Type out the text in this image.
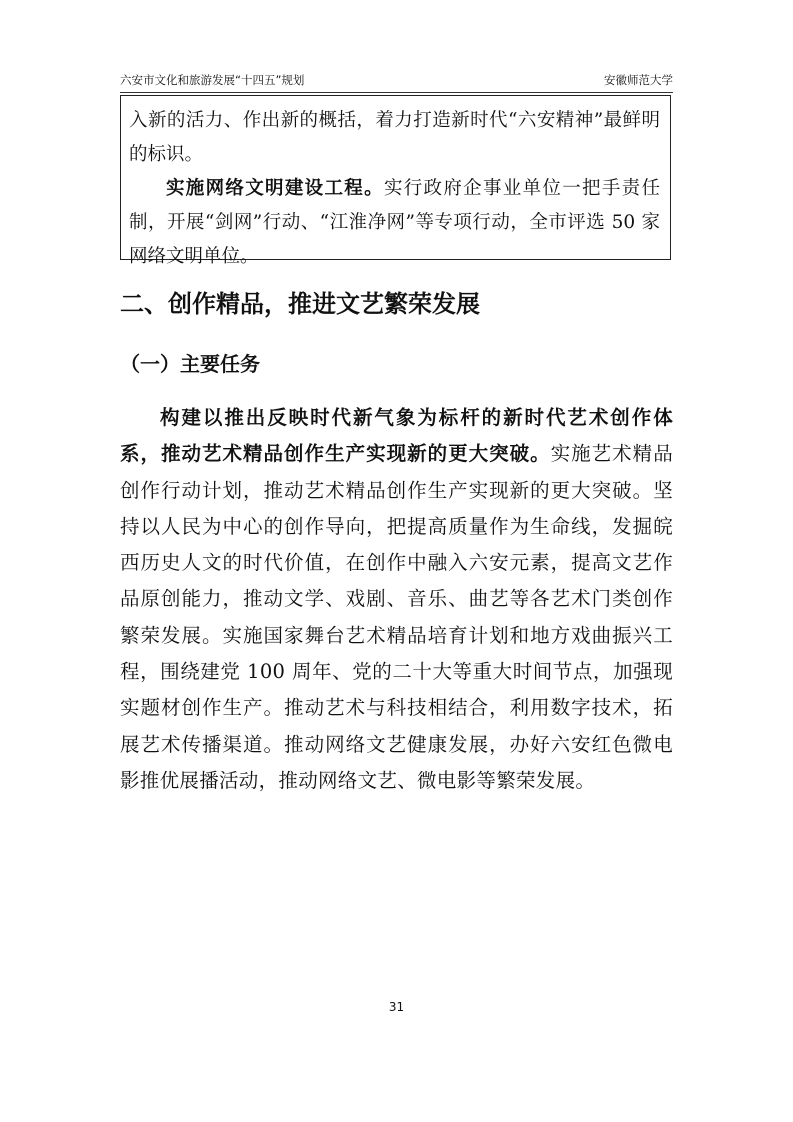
六安市文化和旅游发展“十四五”规划	安徽师范大学

入新的活力、作出新的概括，着力打造新时代“六安精神”最鲜明的标识。

实施网络文明建设工程。实行政府企事业单位一把手责任制，开展“剑网”行动、“江淮净网”等专项行动，全市评选 50 家网络文明单位。

二、创作精品，推进文艺繁荣发展
（一）主要任务

构建以推出反映时代新气象为标杆的新时代艺术创作体系，推动艺术精品创作生产实现新的更大突破。实施艺术精品创作行动计划，推动艺术精品创作生产实现新的更大突破。坚持以人民为中心的创作导向，把提高质量作为生命线，发掘皖西历史人文的时代价值，在创作中融入六安元素，提高文艺作品原创能力，推动文学、戏剧、音乐、曲艺等各艺术门类创作繁荣发展。实施国家舞台艺术精品培育计划和地方戏曲振兴工程，围绕建党 100 周年、党的二十大等重大时间节点，加强现实题材创作生产。推动艺术与科技相结合，利用数字技术，拓展艺术传播渠道。推动网络文艺健康发展，办好六安红色微电影推优展播活动，推动网络文艺、微电影等繁荣发展。

31
